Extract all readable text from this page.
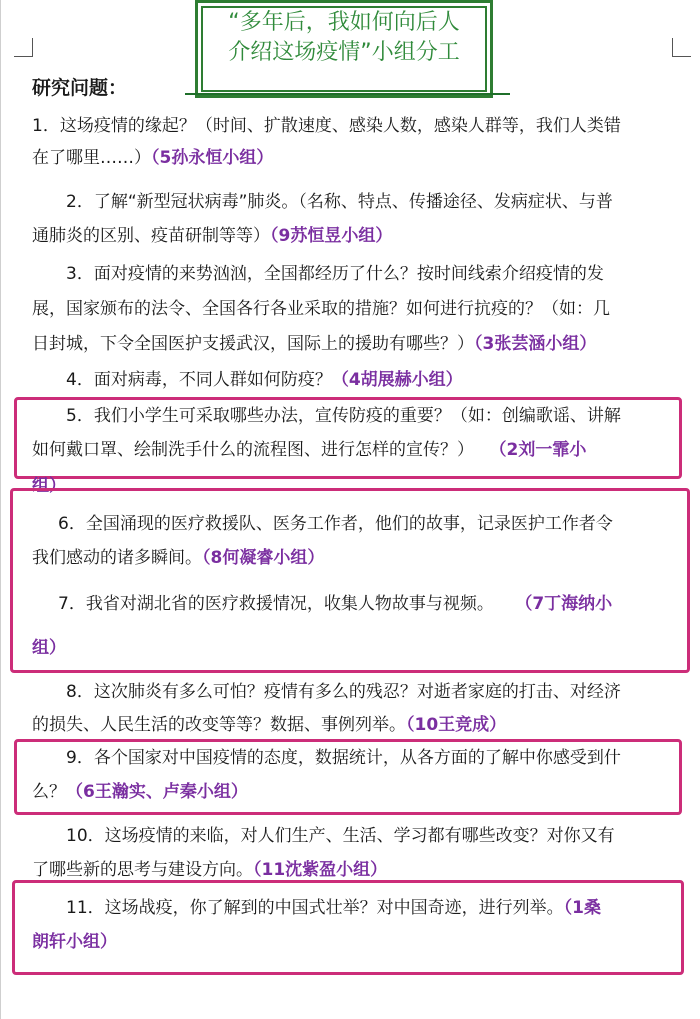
“多年后，我如何向后人
介绍这场疫情”小组分工
研究问题：
1．这场疫情的缘起？（时间、扩散速度、感染人数，感染人群等，我们人类错
在了哪里……）（5孙永恒小组）
2．了解“新型冠状病毒”肺炎。（名称、特点、传播途径、发病症状、与普
通肺炎的区别、疫苗研制等等）（9苏恒昱小组）
3．面对疫情的来势汹汹，全国都经历了什么？按时间线索介绍疫情的发
展，国家颁布的法令、全国各行各业采取的措施？如何进行抗疫的？（如：几
日封城，下令全国医护支援武汉，国际上的援助有哪些？）（3张芸涵小组）
4．面对病毒，不同人群如何防疫？（4胡展赫小组）
5．我们小学生可采取哪些办法，宣传防疫的重要？（如：创编歌谣、讲解
如何戴口罩、绘制洗手什么的流程图、进行怎样的宣传？） （2刘一霏小
组）
6．全国涌现的医疗救援队、医务工作者，他们的故事，记录医护工作者令
我们感动的诸多瞬间。（8何凝睿小组）
7．我省对湖北省的医疗救援情况，收集人物故事与视频。 （7丁海纳小
组）
8．这次肺炎有多么可怕？疫情有多么的残忍？对逝者家庭的打击、对经济
的损失、人民生活的改变等等？数据、事例列举。（10王竞成）
9．各个国家对中国疫情的态度，数据统计，从各方面的了解中你感受到什
么？（6王瀚实、卢秦小组）
10．这场疫情的来临，对人们生产、生活、学习都有哪些改变？对你又有
了哪些新的思考与建设方向。（11沈紫盈小组）
11．这场战疫，你了解到的中国式壮举？对中国奇迹，进行列举。（1桑
朗轩小组）
